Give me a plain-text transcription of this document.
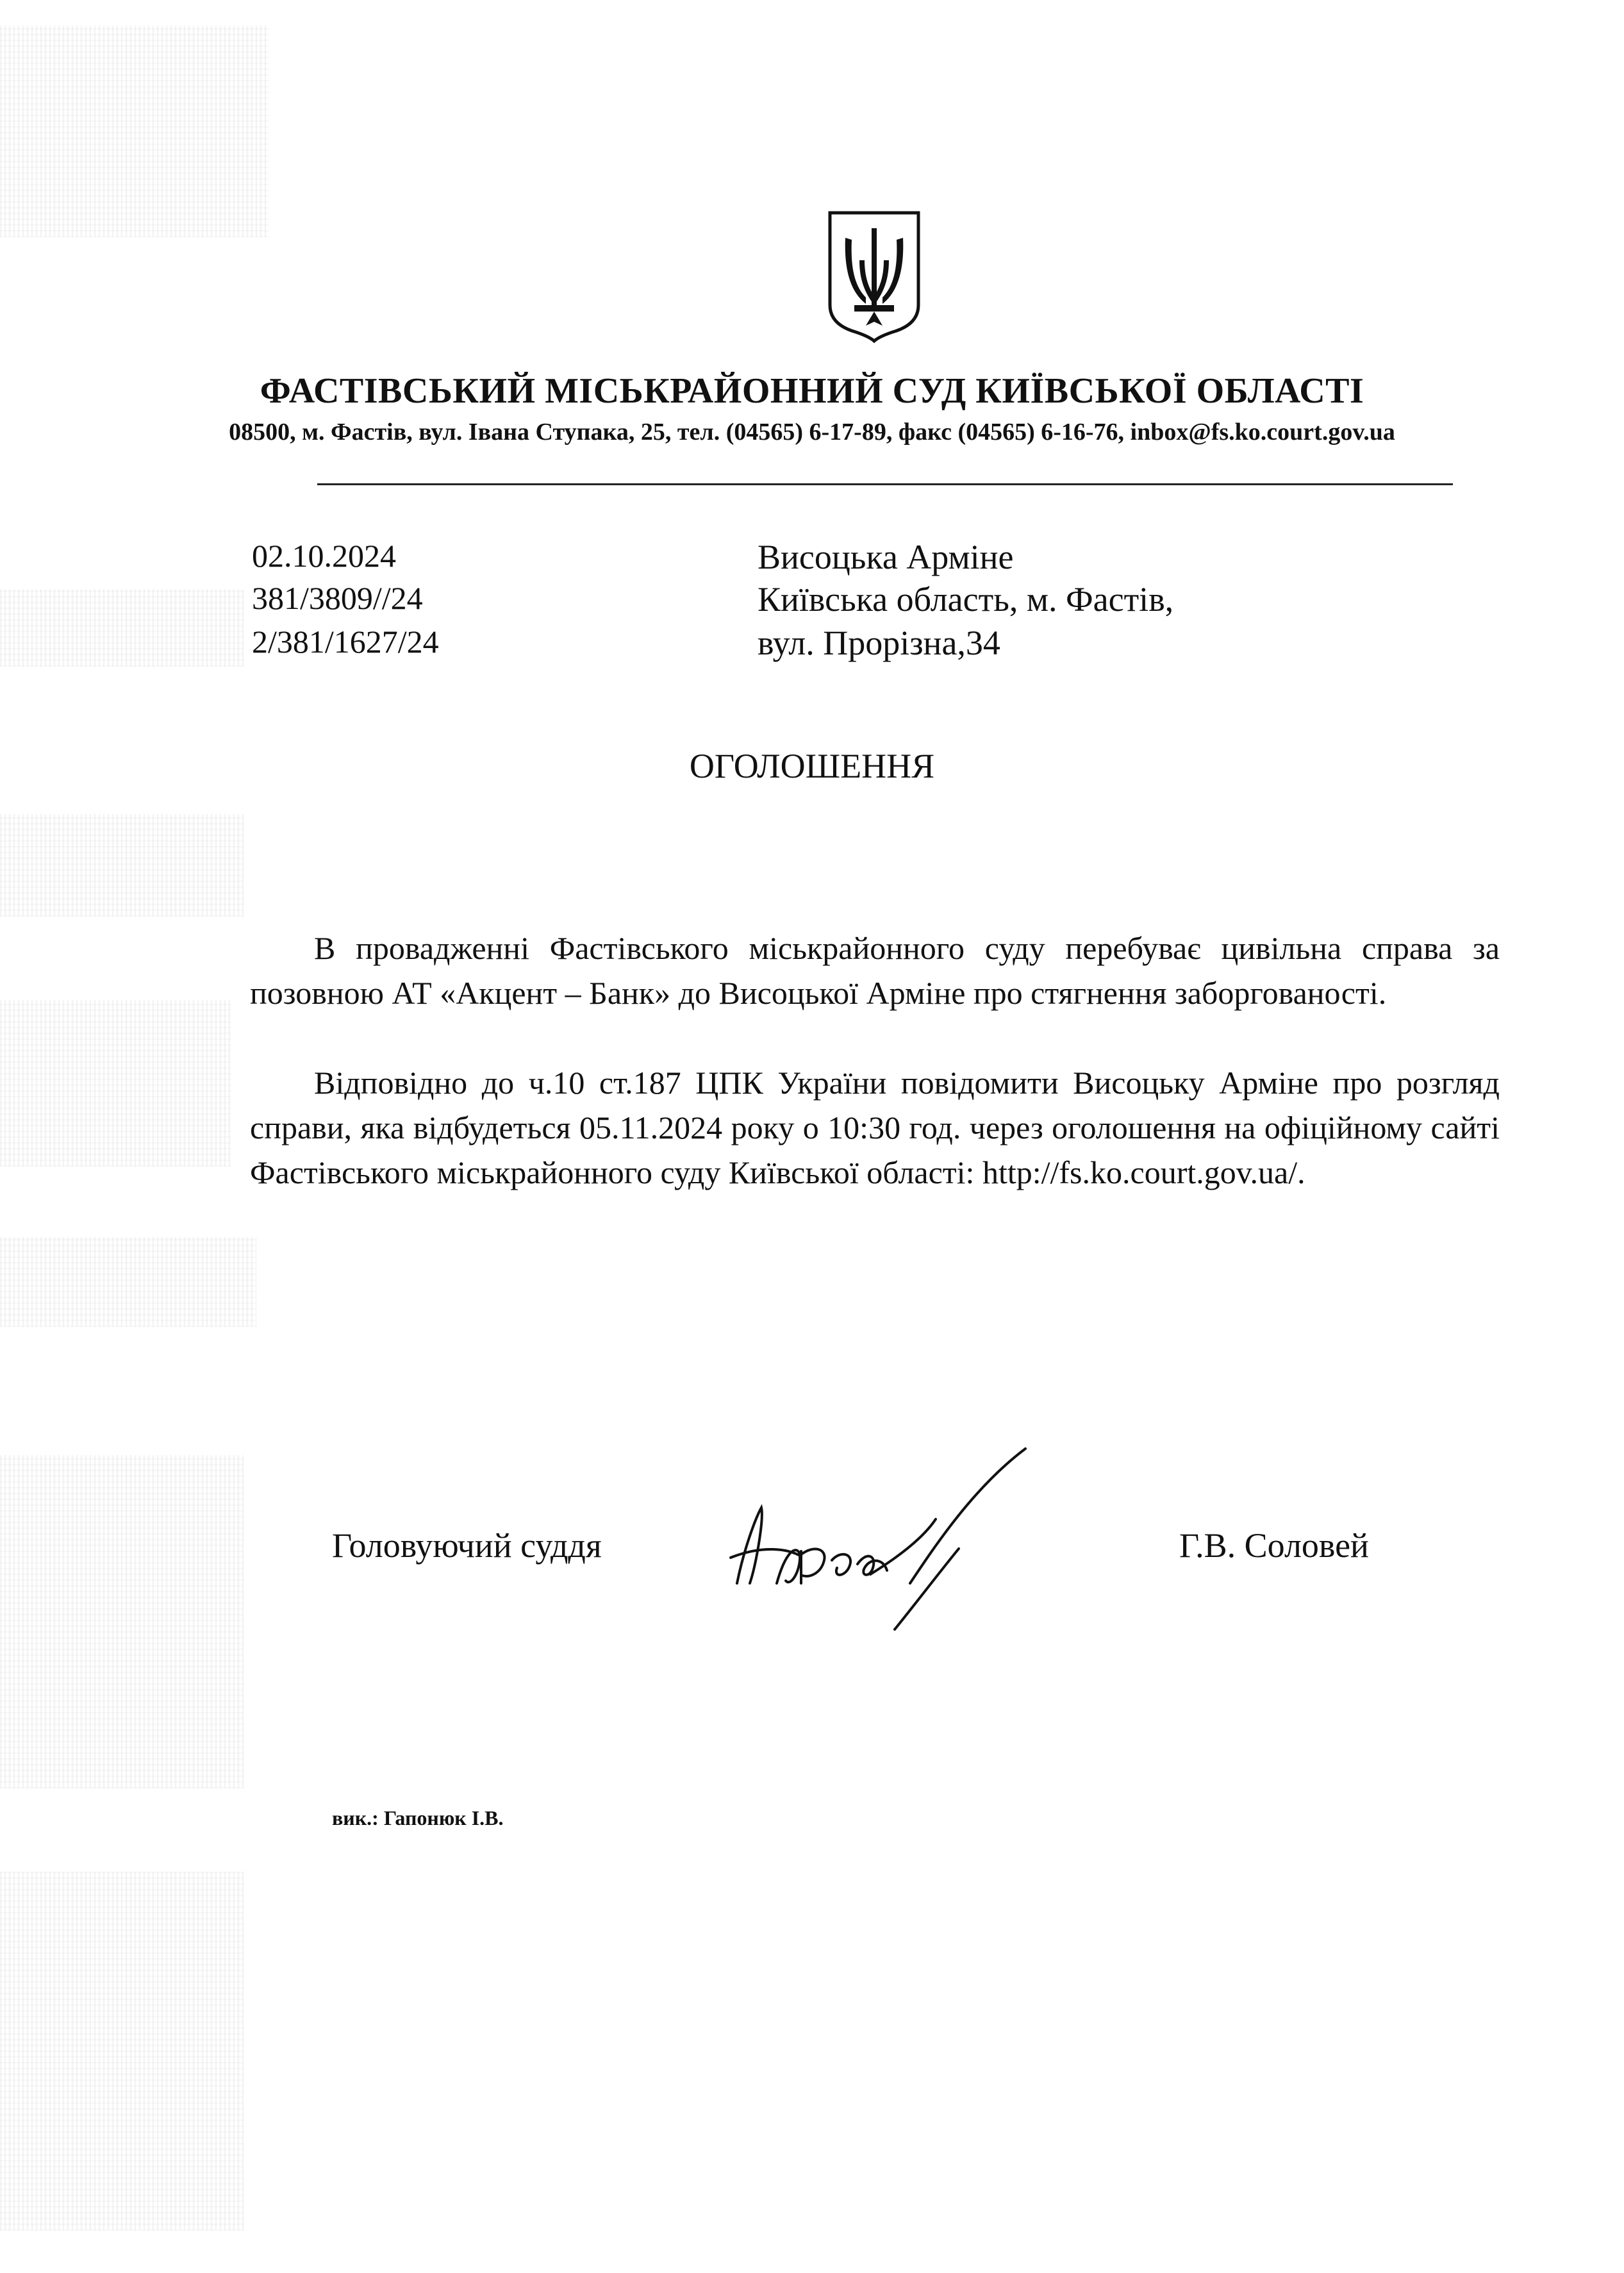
ФАСТІВСЬКИЙ МІСЬКРАЙОННИЙ СУД КИЇВСЬКОЇ ОБЛАСТІ
08500, м. Фастів, вул. Івана Ступака, 25, тел. (04565) 6-17-89, факс (04565) 6-16-76, inbox@fs.ko.court.gov.ua
02.10.2024
381/3809//24
2/381/1627/24
Висоцька Арміне
Київська область, м. Фастів,
вул. Прорізна,34
ОГОЛОШЕННЯ
В провадженні Фастівського міськрайонного суду перебуває цивільна справа за позовною АТ «Акцент – Банк» до Висоцької Арміне про стягнення заборгованості.
Відповідно до ч.10 ст.187 ЦПК України повідомити Висоцьку Арміне про розгляд справи, яка відбудеться 05.11.2024 року о 10:30 год. через оголошення на офіційному сайті Фастівського міськрайонного суду Київської області: http://fs.ko.court.gov.ua/.
Головуючий суддя	Г.В. Соловей
вик.: Гапонюк І.В.
